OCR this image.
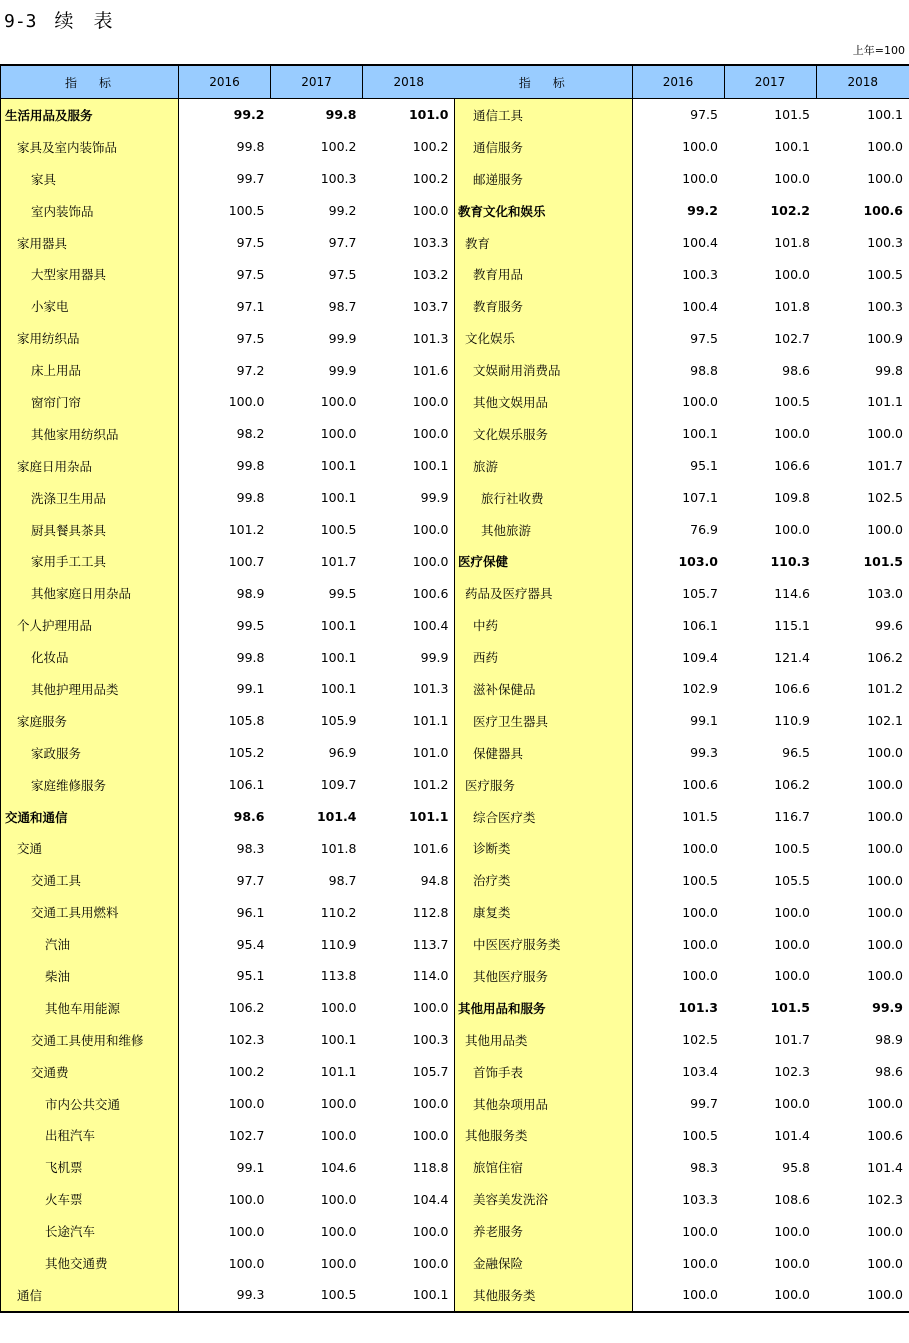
9-3 续表
上年=100
指标	2016	2017	2018
生活用品及服务	99.2	99.8	101.0
家具及室内装饰品	99.8	100.2	100.2
家具	99.7	100.3	100.2
室内装饰品	100.5	99.2	100.0
家用器具	97.5	97.7	103.3
大型家用器具	97.5	97.5	103.2
小家电	97.1	98.7	103.7
家用纺织品	97.5	99.9	101.3
床上用品	97.2	99.9	101.6
窗帘门帘	100.0	100.0	100.0
其他家用纺织品	98.2	100.0	100.0
家庭日用杂品	99.8	100.1	100.1
洗涤卫生用品	99.8	100.1	99.9
厨具餐具茶具	101.2	100.5	100.0
家用手工工具	100.7	101.7	100.0
其他家庭日用杂品	98.9	99.5	100.6
个人护理用品	99.5	100.1	100.4
化妆品	99.8	100.1	99.9
其他护理用品类	99.1	100.1	101.3
家庭服务	105.8	105.9	101.1
家政服务	105.2	96.9	101.0
家庭维修服务	106.1	109.7	101.2
交通和通信	98.6	101.4	101.1
交通	98.3	101.8	101.6
交通工具	97.7	98.7	94.8
交通工具用燃料	96.1	110.2	112.8
汽油	95.4	110.9	113.7
柴油	95.1	113.8	114.0
其他车用能源	106.2	100.0	100.0
交通工具使用和维修	102.3	100.1	100.3
交通费	100.2	101.1	105.7
市内公共交通	100.0	100.0	100.0
出租汽车	102.7	100.0	100.0
飞机票	99.1	104.6	118.8
火车票	100.0	100.0	104.4
长途汽车	100.0	100.0	100.0
其他交通费	100.0	100.0	100.0
通信	99.3	100.5	100.1
指标	2016	2017	2018
通信工具	97.5	101.5	100.1
通信服务	100.0	100.1	100.0
邮递服务	100.0	100.0	100.0
教育文化和娱乐	99.2	102.2	100.6
教育	100.4	101.8	100.3
教育用品	100.3	100.0	100.5
教育服务	100.4	101.8	100.3
文化娱乐	97.5	102.7	100.9
文娱耐用消费品	98.8	98.6	99.8
其他文娱用品	100.0	100.5	101.1
文化娱乐服务	100.1	100.0	100.0
旅游	95.1	106.6	101.7
旅行社收费	107.1	109.8	102.5
其他旅游	76.9	100.0	100.0
医疗保健	103.0	110.3	101.5
药品及医疗器具	105.7	114.6	103.0
中药	106.1	115.1	99.6
西药	109.4	121.4	106.2
滋补保健品	102.9	106.6	101.2
医疗卫生器具	99.1	110.9	102.1
保健器具	99.3	96.5	100.0
医疗服务	100.6	106.2	100.0
综合医疗类	101.5	116.7	100.0
诊断类	100.0	100.5	100.0
治疗类	100.5	105.5	100.0
康复类	100.0	100.0	100.0
中医医疗服务类	100.0	100.0	100.0
其他医疗服务	100.0	100.0	100.0
其他用品和服务	101.3	101.5	99.9
其他用品类	102.5	101.7	98.9
首饰手表	103.4	102.3	98.6
其他杂项用品	99.7	100.0	100.0
其他服务类	100.5	101.4	100.6
旅馆住宿	98.3	95.8	101.4
美容美发洗浴	103.3	108.6	102.3
养老服务	100.0	100.0	100.0
金融保险	100.0	100.0	100.0
其他服务类	100.0	100.0	100.0
